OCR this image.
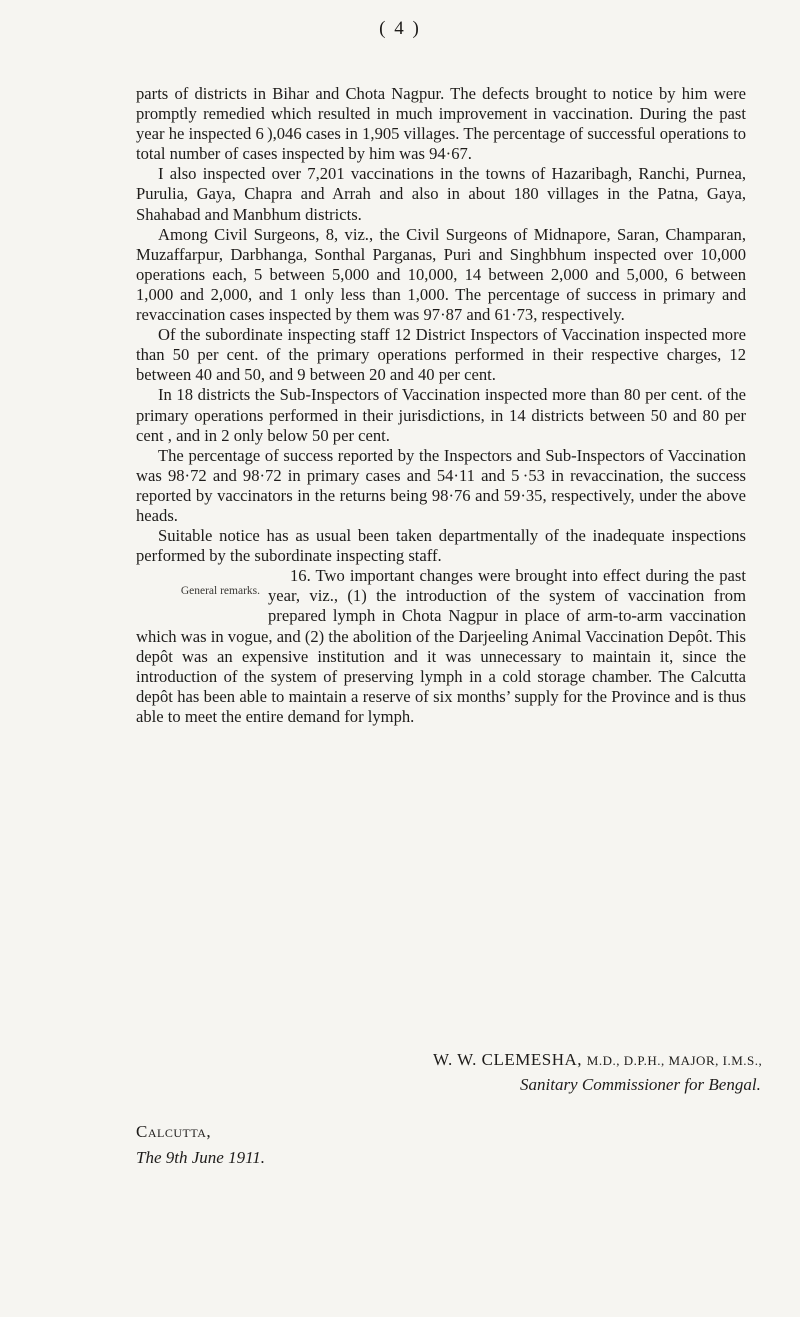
( 4 )

parts of districts in Bihar and Chota Nagpur. The defects brought to notice by him were promptly remedied which resulted in much improvement in vaccination. During the past year he inspected 6 ),046 cases in 1,905 villages. The percentage of successful operations to total number of cases inspected by him was 94·67.

I also inspected over 7,201 vaccinations in the towns of Hazaribagh, Ranchi, Purnea, Purulia, Gaya, Chapra and Arrah and also in about 180 villages in the Patna, Gaya, Shahabad and Manbhum districts.

Among Civil Surgeons, 8, viz., the Civil Surgeons of Midnapore, Saran, Champaran, Muzaffarpur, Darbhanga, Sonthal Parganas, Puri and Singhbhum inspected over 10,000 operations each, 5 between 5,000 and 10,000, 14 between 2,000 and 5,000, 6 between 1,000 and 2,000, and 1 only less than 1,000. The percentage of success in primary and revaccination cases inspected by them was 97·87 and 61·73, respectively.

Of the subordinate inspecting staff 12 District Inspectors of Vaccination inspected more than 50 per cent. of the primary operations performed in their respective charges, 12 between 40 and 50, and 9 between 20 and 40 per cent.

In 18 districts the Sub-Inspectors of Vaccination inspected more than 80 per cent. of the primary operations performed in their jurisdictions, in 14 districts between 50 and 80 per cent , and in 2 only below 50 per cent.

The percentage of success reported by the Inspectors and Sub-Inspectors of Vaccination was 98·72 and 98·72 in primary cases and 54·11 and 5 ·53 in revaccination, the success reported by vaccinators in the returns being 98·76 and 59·35, respectively, under the above heads.

Suitable notice has as usual been taken departmentally of the inadequate inspections performed by the subordinate inspecting staff.

General remarks.
16. Two important changes were brought into effect during the past year, viz., (1) the introduction of the system of vaccination from prepared lymph in Chota Nagpur in place of arm-to-arm vaccination which was in vogue, and (2) the abolition of the Darjeeling Animal Vaccination Depôt. This depôt was an expensive institution and it was unnecessary to maintain it, since the introduction of the system of preserving lymph in a cold storage chamber. The Calcutta depôt has been able to maintain a reserve of six months’ supply for the Province and is thus able to meet the entire demand for lymph.

W. W. CLEMESHA, M.D., D.P.H., MAJOR, I.M.S.,
Sanitary Commissioner for Bengal.
Calcutta,
The 9th June 1911.
